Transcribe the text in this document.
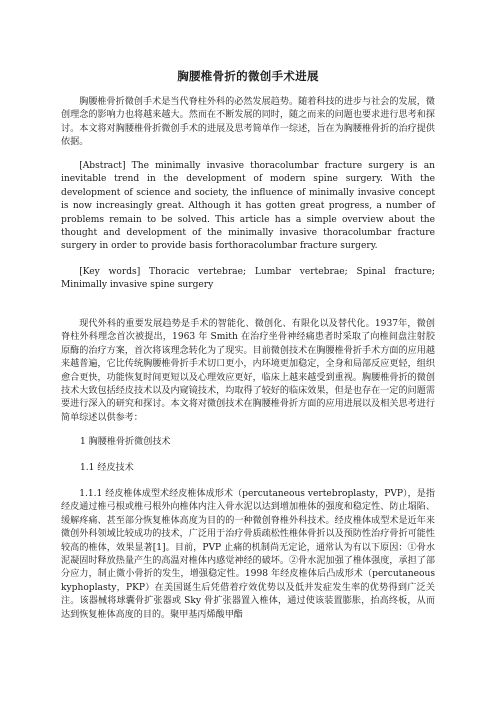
胸腰椎骨折的微创手术进展

胸腰椎骨折微创手术是当代脊柱外科的必然发展趋势。随着科技的进步与社会的发展，微创理念的影响力也将越来越大。然而在不断发展的同时，随之而来的问题也要求进行思考和探讨。本文将对胸腰椎骨折微创手术的进展及思考简单作一综述，旨在为胸腰椎骨折的治疗提供依据。

[Abstract] The minimally invasive thoracolumbar fracture surgery is an inevitable trend in the development of modern spine surgery. With the development of science and society, the influence of minimally invasive concept is now increasingly great. Although it has gotten great progress, a number of problems remain to be solved. This article has a simple overview about the thought and development of the minimally invasive thoracolumbar fracture surgery in order to provide basis forthoracolumbar fracture surgery.

[Key words] Thoracic vertebrae; Lumbar vertebrae; Spinal fracture; Minimally invasive spine surgery

现代外科的重要发展趋势是手术的智能化、微创化、有限化以及替代化。1937年，微创脊柱外科理念首次被提出，1963 年 Smith 在治疗坐骨神经痛患者时采取了向椎间盘注射胶原酶的治疗方案，首次将该理念转化为了现实。目前微创技术在胸腰椎骨折手术方面的应用越来越普遍，它比传统胸腰椎骨折手术切口更小，内环境更加稳定，全身和局部反应更轻，组织愈合更快，功能恢复时间更短以及心理效应更好，临床上越来越受到重视。胸腰椎骨折的微创技术大致包括经皮技术以及内窥镜技术，均取得了较好的临床效果，但是也存在一定的问题需要进行深入的研究和探讨。本文将对微创技术在胸腰椎骨折方面的应用进展以及相关思考进行简单综述以供参考：

1 胸腰椎骨折微创技术
1.1 经皮技术

1.1.1 经皮椎体成型术经皮椎体成形术（percutaneous vertebroplasty，PVP），是指经皮通过椎弓根或椎弓根外向椎体内注入骨水泥以达到增加椎体的强度和稳定性、防止塌陷、缓解疼痛、甚至部分恢复椎体高度为目的的一种微创脊椎外科技术。经皮椎体成型术是近年来微创外科领域比较成功的技术，广泛用于治疗骨质疏松性椎体骨折以及预防性治疗骨折可能性较高的椎体，效果显著[1]。目前，PVP 止痛的机制尚无定论，通常认为有以下原因：①骨水泥凝固时释放热量产生的高温对椎体内感觉神经的破坏。②骨水泥加强了椎体强度，承担了部分应力，制止微小骨折的发生，增强稳定性。1998 年经皮椎体后凸成形术（percutaneous kyphoplasty，PKP）在美国诞生后凭借着疗效优势以及低并发症发生率的优势得到广泛关注。该器械将球囊骨扩张器或 Sky 骨扩张器置入椎体，通过使该装置膨胀，抬高终板，从而达到恢复椎体高度的目的。聚甲基丙烯酸甲酯
